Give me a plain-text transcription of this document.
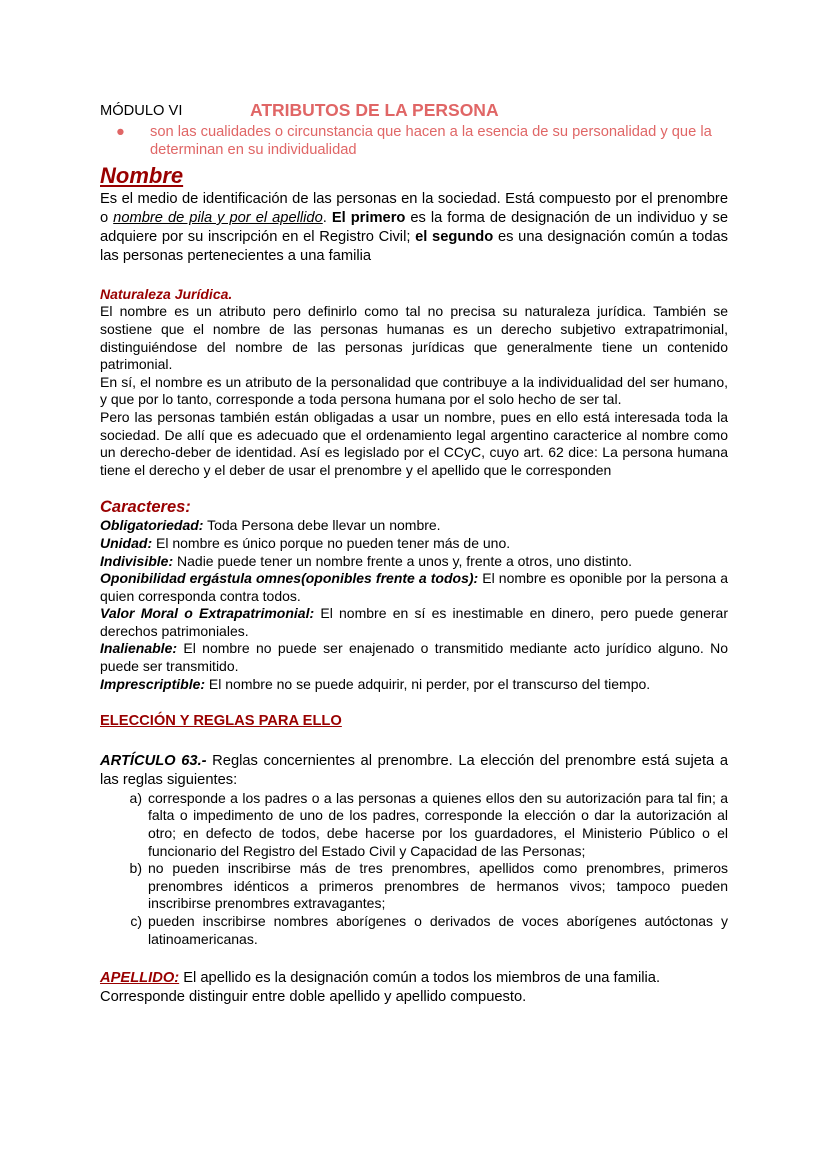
MÓDULO VI	ATRIBUTOS DE LA PERSONA
●	son las cualidades o circunstancia que hacen a la esencia de su personalidad y que la determinan en su individualidad

Nombre

Es el medio de identificación de las personas en la sociedad. Está compuesto por el prenombre o nombre de pila y por el apellido. El primero es la forma de designación de un individuo y se adquiere por su inscripción en el Registro Civil; el segundo es una designación común a todas las personas pertenecientes a una familia

Naturaleza Jurídica.

El nombre es un atributo pero definirlo como tal no precisa su naturaleza jurídica. También se sostiene que el nombre de las personas humanas es un derecho subjetivo extrapatrimonial, distinguiéndose del nombre de las personas jurídicas que generalmente tiene un contenido patrimonial.

En sí, el nombre es un atributo de la personalidad que contribuye a la individualidad del ser humano, y que por lo tanto, corresponde a toda persona humana por el solo hecho de ser tal.

Pero las personas también están obligadas a usar un nombre, pues en ello está interesada toda la sociedad. De allí que es adecuado que el ordenamiento legal argentino caracterice al nombre como un derecho-deber de identidad. Así es legislado por el CCyC, cuyo art. 62 dice: La persona humana tiene el derecho y el deber de usar el prenombre y el apellido que le corresponden

Caracteres:

Obligatoriedad: Toda Persona debe llevar un nombre.

Unidad: El nombre es único porque no pueden tener más de uno.

Indivisible: Nadie puede tener un nombre frente a unos y, frente a otros, uno distinto.

Oponibilidad ergástula omnes(oponibles frente a todos): El nombre es oponible por la persona a quien corresponda contra todos.

Valor Moral o Extrapatrimonial: El nombre en sí es inestimable en dinero, pero puede generar derechos patrimoniales.

Inalienable: El nombre no puede ser enajenado o transmitido mediante acto jurídico alguno. No puede ser transmitido.

Imprescriptible: El nombre no se puede adquirir, ni perder, por el transcurso del tiempo.

ELECCIÓN Y REGLAS PARA ELLO

ARTÍCULO 63.- Reglas concernientes al prenombre. La elección del prenombre está sujeta a las reglas siguientes:

a) corresponde a los padres o a las personas a quienes ellos den su autorización para tal fin; a falta o impedimento de uno de los padres, corresponde la elección o dar la autorización al otro; en defecto de todos, debe hacerse por los guardadores, el Ministerio Público o el funcionario del Registro del Estado Civil y Capacidad de las Personas;
b) no pueden inscribirse más de tres prenombres, apellidos como prenombres, primeros prenombres idénticos a primeros prenombres de hermanos vivos; tampoco pueden inscribirse prenombres extravagantes;
c) pueden inscribirse nombres aborígenes o derivados de voces aborígenes autóctonas y latinoamericanas.

APELLIDO: El apellido es la designación común a todos los miembros de una familia.

Corresponde distinguir entre doble apellido y apellido compuesto.
